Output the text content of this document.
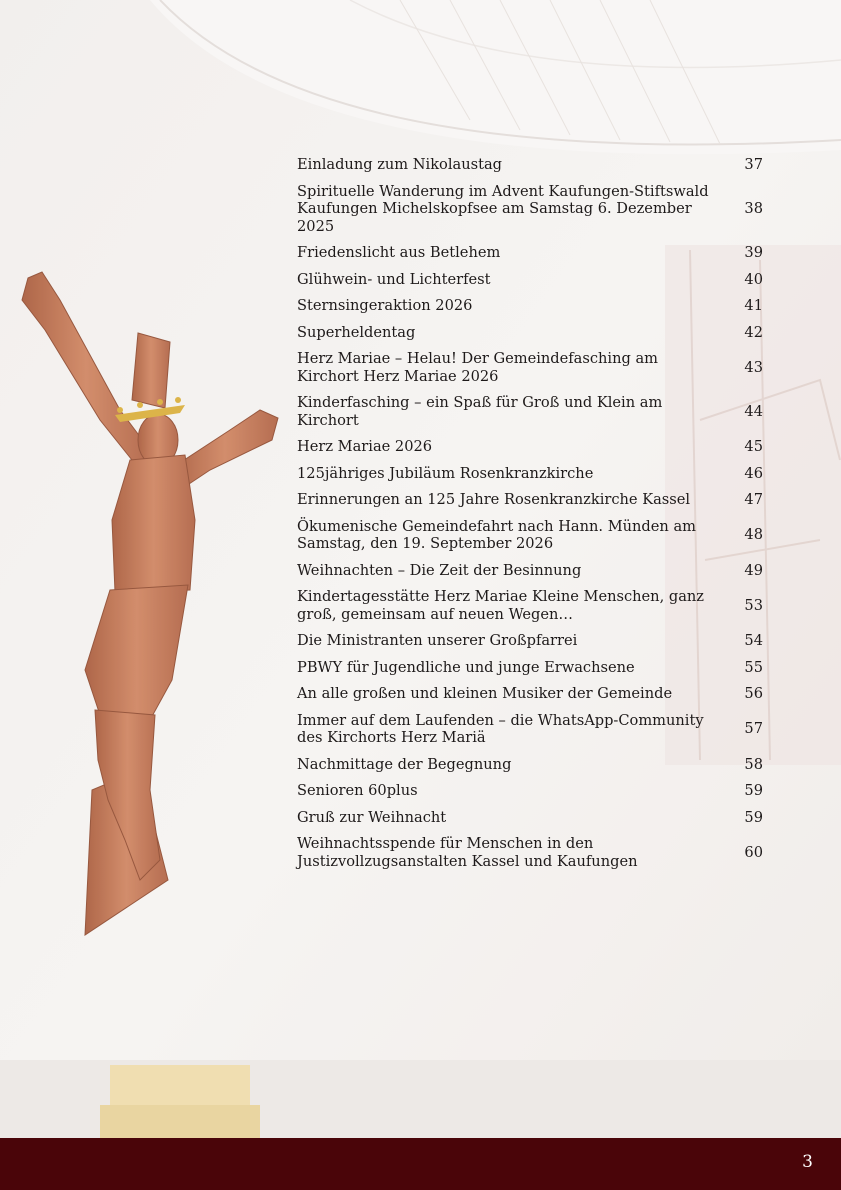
Einladung zum Nikolaustag	37
Spirituelle Wanderung im Advent Kaufungen-Stiftswald Kaufungen Michelskopfsee am Samstag 6. Dezember 2025
38
Friedenslicht aus Betlehem	39
Glühwein- und Lichterfest	40
Sternsingeraktion 2026	41
Superheldentag	42
Herz Mariae – Helau! Der Gemeindefasching am Kirchort Herz Mariae 2026
43
Kinderfasching – ein Spaß für Groß und Klein am Kirchort
44
Herz Mariae 2026	45
125jähriges Jubiläum Rosenkranzkirche	46
Erinnerungen an 125 Jahre Rosenkranzkirche Kassel	47
Ökumenische Gemeindefahrt nach Hann. Münden am Samstag, den 19. September 2026
48
Weihnachten – Die Zeit der Besinnung	49
Kindertagesstätte Herz Mariae Kleine Menschen, ganz groß, gemeinsam auf neuen Wegen…
53
Die Ministranten unserer Großpfarrei	54
PBWY für Jugendliche und junge Erwachsene	55
An alle großen und kleinen Musiker der Gemeinde	56
Immer auf dem Laufenden – die WhatsApp-Community des Kirchorts Herz Mariä
57
Nachmittage der Begegnung	58
Senioren 60plus	59
Gruß zur Weihnacht	59
Weihnachtsspende für Menschen in den Justizvollzugsanstalten Kassel und Kaufungen
60
3
